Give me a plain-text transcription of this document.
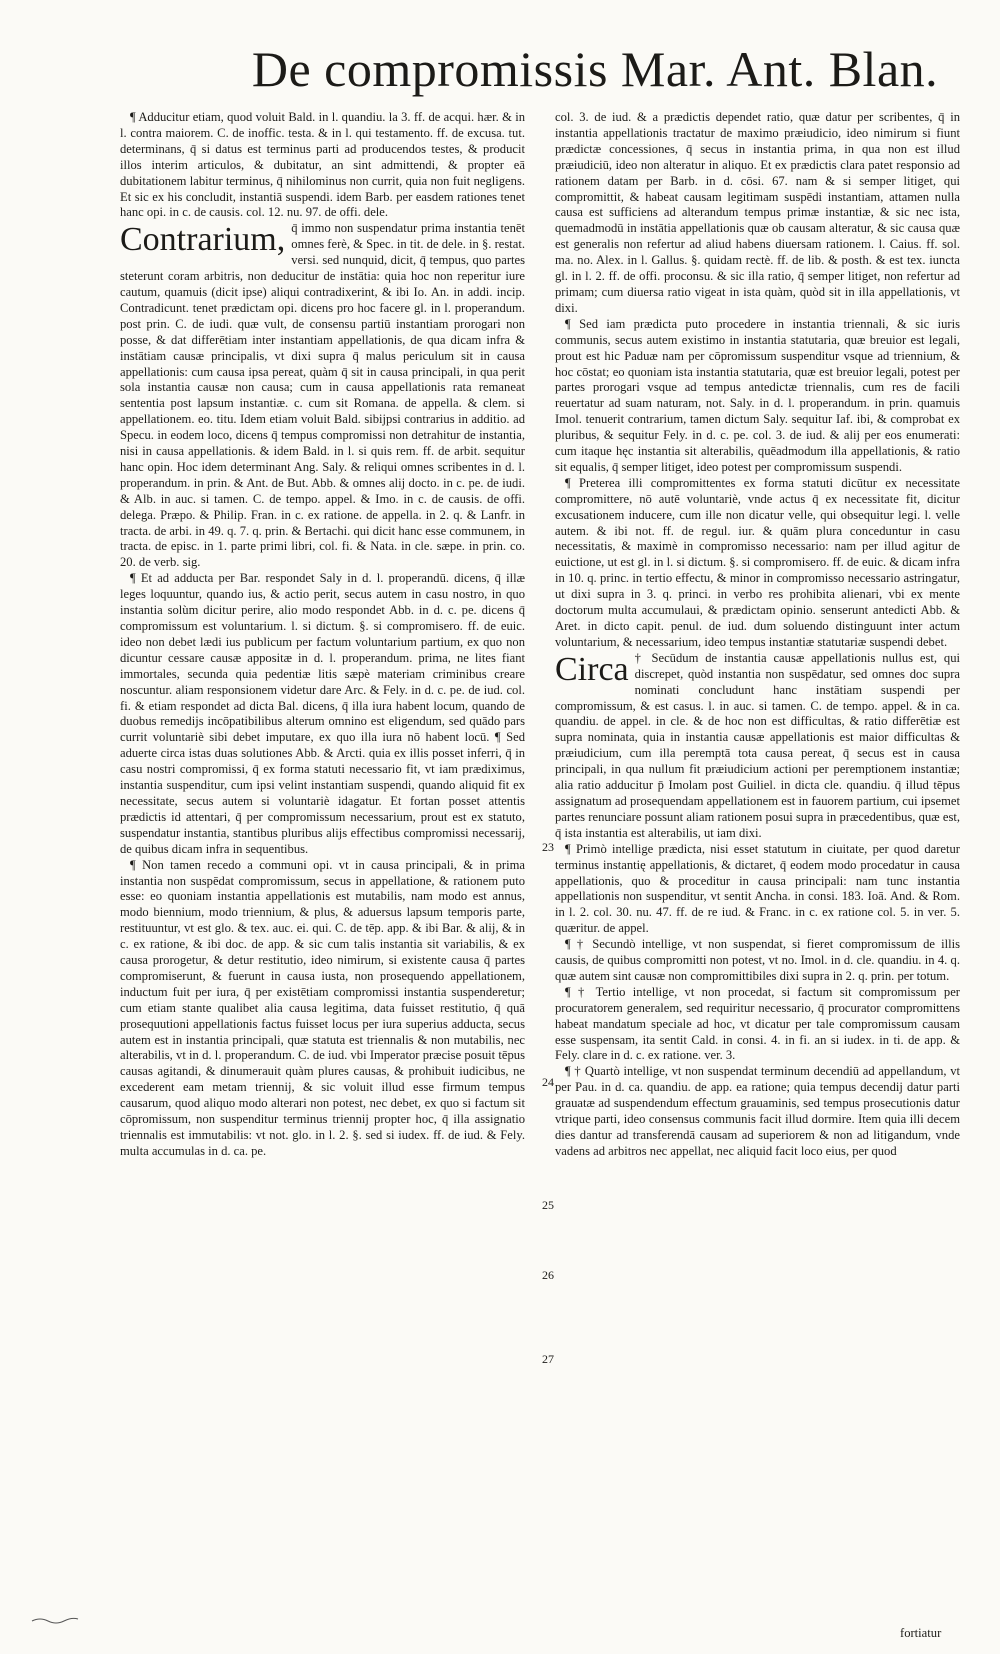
De compromissis Mar. Ant. Blan.

¶ Adducitur etiam, quod voluit Bald. in l. quandiu. la 3. ff. de acqui. hær. & in l. contra maiorem. C. de inoffic. testa. & in l. qui testamento. ff. de excusa. tut. determinans, q̄ si datus est terminus parti ad producendos testes, & producit illos interim articulos, & dubitatur, an sint admittendi, & propter eā dubitationem labitur terminus, q̄ nihilominus non currit, quia non fuit negligens. Et sic ex his concludit, instantiā suspendi. idem Barb. per easdem rationes tenet hanc opi. in c. de causis. col. 12. nu. 97. de offi. dele.

Contrarium, q̄ immo non suspendatur prima instantia tenēt omnes ferè, & Spec. in tit. de dele. in §. restat. versi. sed nunquid, dicit, q̄ tempus, quo partes steterunt coram arbitris, non deducitur de instātia: quia hoc non reperitur iure cautum, quamuis (dicit ipse) aliqui contradixerint, & ibi Io. An. in addi. incip. Contradicunt. tenet prædictam opi. dicens pro hoc facere gl. in l. properandum. post prin. C. de iudi. quæ vult, de consensu partiū instantiam prorogari non posse, & dat differētiam inter instantiam appellationis, de qua dicam infra & instātiam causæ principalis, vt dixi supra q̄ malus periculum sit in causa appellationis: cum causa ipsa pereat, quàm q̄ sit in causa principali, in qua perit sola instantia causæ non causa; cum in causa appellationis rata remaneat sententia post lapsum instantiæ. c. cum sit Romana. de appella. & clem. si appellationem. eo. titu. Idem etiam voluit Bald. sibijpsi contrarius in additio. ad Specu. in eodem loco, dicens q̄ tempus compromissi non detrahitur de instantia, nisi in causa appellationis. & idem Bald. in l. si quis rem. ff. de arbit. sequitur hanc opin. Hoc idem determinant Ang. Saly. & reliqui omnes scribentes in d. l. properandum. in prin. & Ant. de But. Abb. & omnes alij docto. in c. pe. de iudi. & Alb. in auc. si tamen. C. de tempo. appel. & Imo. in c. de causis. de offi. delega. Præpo. & Philip. Fran. in c. ex ratione. de appella. in 2. q. & Lanfr. in tracta. de arbi. in 49. q. 7. q. prin. & Bertachi. qui dicit hanc esse communem, in tracta. de episc. in 1. parte primi libri, col. fi. & Nata. in cle. sæpe. in prin. co. 20. de verb. sig.

¶ Et ad adducta per Bar. respondet Saly in d. l. properandū. dicens, q̄ illæ leges loquuntur, quando ius, & actio perit, secus autem in casu nostro, in quo instantia solùm dicitur perire, alio modo respondet Abb. in d. c. pe. dicens q̄ compromissum est voluntarium. l. si dictum. §. si compromisero. ff. de euic. ideo non debet lædi ius publicum per factum voluntarium partium, ex quo non dicuntur cessare causæ appositæ in d. l. properandum. prima, ne lites fiant immortales, secunda quia pedentiæ litis sæpè materiam criminibus creare noscuntur. aliam responsionem videtur dare Arc. & Fely. in d. c. pe. de iud. col. fi. & etiam respondet ad dicta Bal. dicens, q̄ illa iura habent locum, quando de duobus remedijs incōpatibilibus alterum omnino est eligendum, sed quādo pars currit voluntariè sibi debet imputare, ex quo illa iura nō habent locū. ¶ Sed aduerte circa istas duas solutiones Abb. & Arcti. quia ex illis posset inferri, q̄ in casu nostri compromissi, q̄ ex forma statuti necessario fit, vt iam prædiximus, instantia suspenditur, cum ipsi velint instantiam suspendi, quando aliquid fit ex necessitate, secus autem si voluntariè idagatur. Et fortan posset attentis prædictis id attentari, q̄ per compromissum necessarium, prout est ex statuto, suspendatur instantia, stantibus pluribus alijs effectibus compromissi necessarij, de quibus dicam infra in sequentibus.

¶ Non tamen recedo a communi opi. vt in causa principali, & in prima instantia non suspēdat compromissum, secus in appellatione, & rationem puto esse: eo quoniam instantia appellationis est mutabilis, nam modo est annus, modo biennium, modo triennium, & plus, & aduersus lapsum temporis parte, restituuntur, vt est glo. & tex. auc. ei. qui. C. de tēp. app. & ibi Bar. & alij, & in c. ex ratione, & ibi doc. de app. & sic cum talis instantia sit variabilis, & ex causa prorogetur, & detur restitutio, ideo nimirum, si existente causa q̄ partes compromiserunt, & fuerunt in causa iusta, non prosequendo appellationem, inductum fuit per iura, q̄ per existētiam compromissi instantia suspenderetur; cum etiam stante qualibet alia causa legitima, data fuisset restitutio, q̄ quā prosequutioni appellationis factus fuisset locus per iura superius adducta, secus autem est in instantia principali, quæ statuta est triennalis & non mutabilis, nec alterabilis, vt in d. l. properandum. C. de iud. vbi Imperator præcise posuit tēpus causas agitandi, & dinumerauit quàm plures causas, & prohibuit iudicibus, ne excederent eam metam triennij, & sic voluit illud esse firmum tempus causarum, quod aliquo modo alterari non potest, nec debet, ex quo si factum sit cōpromissum, non suspenditur terminus triennij propter hoc, q̄ illa assignatio triennalis est immutabilis: vt not. glo. in l. 2. §. sed si iudex. ff. de iud. & Fely. multa accumulas in d. ca. pe.

col. 3. de iud. & a prædictis dependet ratio, quæ datur per scribentes, q̄ in instantia appellationis tractatur de maximo præiudicio, ideo nimirum si fiunt prædictæ concessiones, q̄ secus in instantia prima, in qua non est illud præiudiciū, ideo non alteratur in aliquo. Et ex prædictis clara patet responsio ad rationem datam per Barb. in d. cōsi. 67. nam & si semper litiget, qui compromittit, & habeat causam legitimam suspēdi instantiam, attamen nulla causa est sufficiens ad alterandum tempus primæ instantiæ, & sic nec ista, quemadmodū in instātia appellationis quæ ob causam alteratur, & sic causa quæ est generalis non refertur ad aliud habens diuersam rationem. l. Caius. ff. sol. ma. no. Alex. in l. Gallus. §. quidam rectè. ff. de lib. & posth. & est tex. iuncta gl. in l. 2. ff. de offi. proconsu. & sic illa ratio, q̄ semper litiget, non refertur ad primam; cum diuersa ratio vigeat in ista quàm, quòd sit in illa appellationis, vt dixi.

¶ Sed iam prædicta puto procedere in instantia triennali, & sic iuris communis, secus autem existimo in instantia statutaria, quæ breuior est legali, prout est hic Paduæ nam per cōpromissum suspenditur vsque ad triennium, & hoc cōstat; eo quoniam ista instantia statutaria, quæ est breuior legali, potest per partes prorogari vsque ad tempus antedictæ triennalis, cum res de facili reuertatur ad suam naturam, not. Saly. in d. l. properandum. in prin. quamuis Imol. tenuerit contrarium, tamen dictum Saly. sequitur Iaf. ibi, & comprobat ex pluribus, & sequitur Fely. in d. c. pe. col. 3. de iud. & alij per eos enumerati: cum itaque hęc instantia sit alterabilis, quēadmodum illa appellationis, & ratio sit equalis, q̄ semper litiget, ideo potest per compromissum suspendi.

¶ Preterea illi compromittentes ex forma statuti dicūtur ex necessitate compromittere, nō autē voluntariè, vnde actus q̄ ex necessitate fit, dicitur excusationem inducere, cum ille non dicatur velle, qui obsequitur legi. l. velle autem. & ibi not. ff. de regul. iur. & quām plura conceduntur in casu necessitatis, & maximè in compromisso necessario: nam per illud agitur de euictione, ut est gl. in l. si dictum. §. si compromisero. ff. de euic. & dicam infra in 10. q. princ. in tertio effectu, & minor in compromisso necessario astringatur, ut dixi supra in 3. q. princi. in verbo res prohibita alienari, vbi ex mente doctorum multa accumulaui, & prædictam opinio. senserunt antedicti Abb. & Aret. in dicto capit. penul. de iud. dum soluendo distinguunt inter actum voluntarium, & necessarium, ideo tempus instantiæ statutariæ suspendi debet.

Circa † Secūdum de instantia causæ appellationis nullus est, qui discrepet, quòd instantia non suspēdatur, sed omnes doc supra nominati concludunt hanc instātiam suspendi per compromissum, & est casus. l. in auc. si tamen. C. de tempo. appel. & in ca. quandiu. de appel. in cle. & de hoc non est difficultas, & ratio differētiæ est supra nominata, quia in instantia causæ appellationis est maior difficultas & præiudicium, cum illa peremptā tota causa pereat, q̄ secus est in causa principali, in qua nullum fit præiudicium actioni per peremptionem instantiæ; alia ratio adducitur p̄ Imolam post Guiliel. in dicta cle. quandiu. q̄ illud tēpus assignatum ad prosequendam appellationem est in fauorem partium, cui ipsemet partes renunciare possunt aliam rationem posui supra in præcedentibus, quæ est, q̄ ista instantia est alterabilis, ut iam dixi.

¶ Primò intellige prædicta, nisi esset statutum in ciuitate, per quod daretur terminus instantię appellationis, & dictaret, q̄ eodem modo procedatur in causa appellationis, quo & proceditur in causa principali: nam tunc instantia appellationis non suspenditur, vt sentit Ancha. in consi. 183. Ioā. And. & Rom. in l. 2. col. 30. nu. 47. ff. de re iud. & Franc. in c. ex ratione col. 5. in ver. 5. quæritur. de appel.

¶ † Secundò intellige, vt non suspendat, si fieret compromissum de illis causis, de quibus compromitti non potest, vt no. Imol. in d. cle. quandiu. in 4. q. quæ autem sint causæ non compromittibiles dixi supra in 2. q. prin. per totum.

¶ † Tertio intellige, vt non procedat, si factum sit compromissum per procuratorem generalem, sed requiritur necessario, q̄ procurator compromittens habeat mandatum speciale ad hoc, vt dicatur per tale compromissum causam esse suspensam, ita sentit Cald. in consi. 4. in fi. an si iudex. in ti. de app. & Fely. clare in d. c. ex ratione. ver. 3.

¶ † Quartò intellige, vt non suspendat terminum decendiū ad appellandum, vt per Pau. in d. ca. quandiu. de app. ea ratione; quia tempus decendij datur parti grauatæ ad suspendendum effectum grauaminis, sed tempus prosecutionis datur vtrique parti, ideo consensus communis facit illud dormire. Item quia illi decem dies dantur ad transferendā causam ad superiorem & non ad litigandum, vnde vadens ad arbitros nec appellat, nec aliquid facit loco eius, per quod

23
24
25
26
27
fortiatur
